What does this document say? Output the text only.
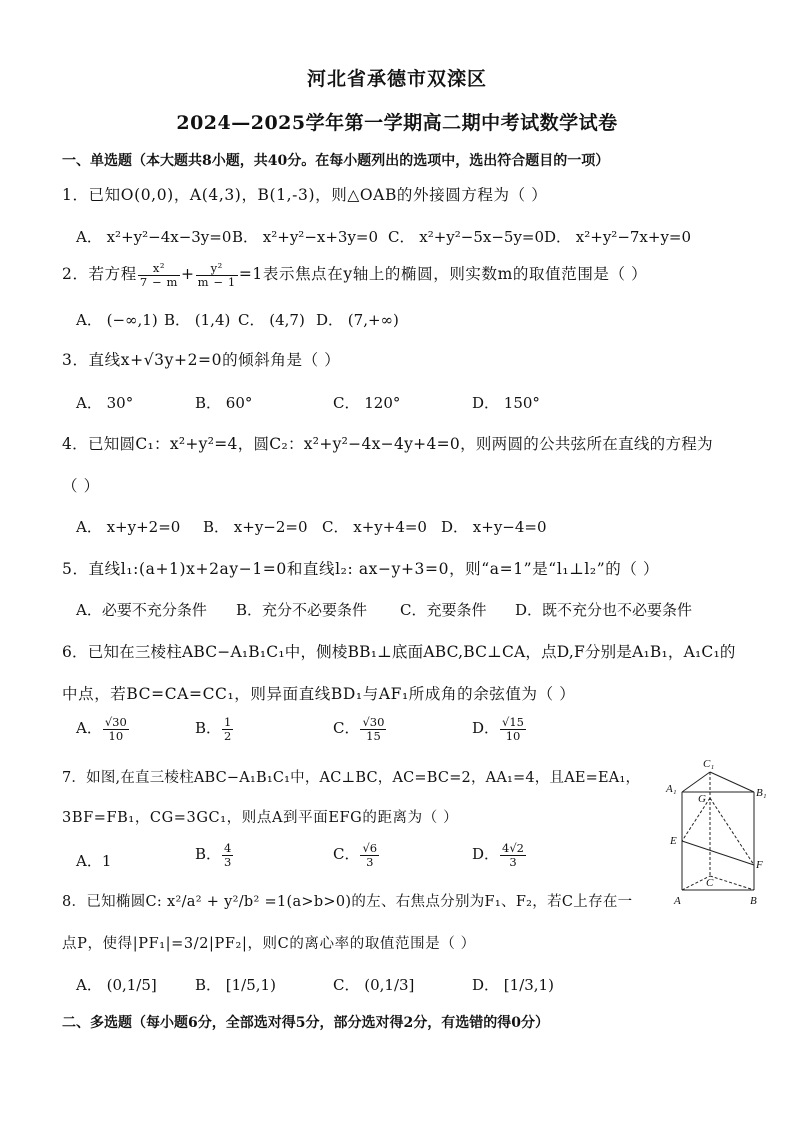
河北省承德市双滦区
2024—2025学年第一学期高二期中考试数学试卷
一、单选题（本大题共8小题，共40分。在每小题列出的选项中，选出符合题目的一项）
1．已知O(0,0)，A(4,3)，B(1,-3)，则△OAB的外接圆方程为（ ）
A． x²+y²−4x−3y=0 B． x²+y²−x+3y=0 C． x²+y²−5x−5y=0 D． x²+y²−7x+y=0
2．若方程 $\frac{\text{x²}}{7 - m} + \frac{\text{y²}}{m - 1} =1$表示焦点在y轴上的椭圆，则实数m的取值范围是（ ）
A． (−∞,1) B． (1,4) C． (4,7) D． (7,+∞)
3．直线x+√3y+2=0的倾斜角是（ ）
A． 30°	B． 60°	C． 120°	D． 150°
4．已知圆C₁：x²+y²=4，圆C₂：x²+y²−4x−4y+4=0，则两圆的公共弦所在直线的方程为
（ ）
A． x+y+2=0 B． x+y−2=0 C． x+y+4=0 D． x+y−4=0
5．直线l₁:(a+1)x+2ay−1=0和直线l₂: ax−y+3=0，则“a=1”是“l₁⊥l₂”的（ ）
A．必要不充分条件 B．充分不必要条件 C．充要条件 D．既不充分也不必要条件
6．已知在三棱柱ABC−A₁B₁C₁中，侧棱BB₁⊥底面ABC,BC⊥CA，点D,F分别是A₁B₁，A₁C₁的
中点，若BC=CA=CC₁，则异面直线BD₁与AF₁所成角的余弦值为（ ）
A． $\frac{√30}{10}$	B． $\frac{1}{2}$	C． $\frac{√30}{15}$	D． $\frac{√15}{10}$
7．如图,在直三棱柱ABC−A₁B₁C₁中，AC⊥BC，AC=BC=2，AA₁=4，且AE=EA₁，
3BF=FB₁，CG=3GC₁，则点A到平面EFG的距离为（ ）
A．1	B． $\frac{4}{3}$	C． $\frac{√6}{3}$	D． $\frac{4√2}{3}$
C₁
A₁	B₁
G
E
F
C
A	B
8．已知椭圆C: x²/a² + y²/b² =1(a>b>0)的左、右焦点分别为F₁、F₂，若C上存在一
点P，使得|PF₁|=3/2|PF₂|，则C的离心率的取值范围是（ ）
A． (0,1/5]	B． [1/5,1)	C． (0,1/3]	D． [1/3,1)
二、多选题（每小题6分，全部选对得5分，部分选对得2分，有选错的得0分）
